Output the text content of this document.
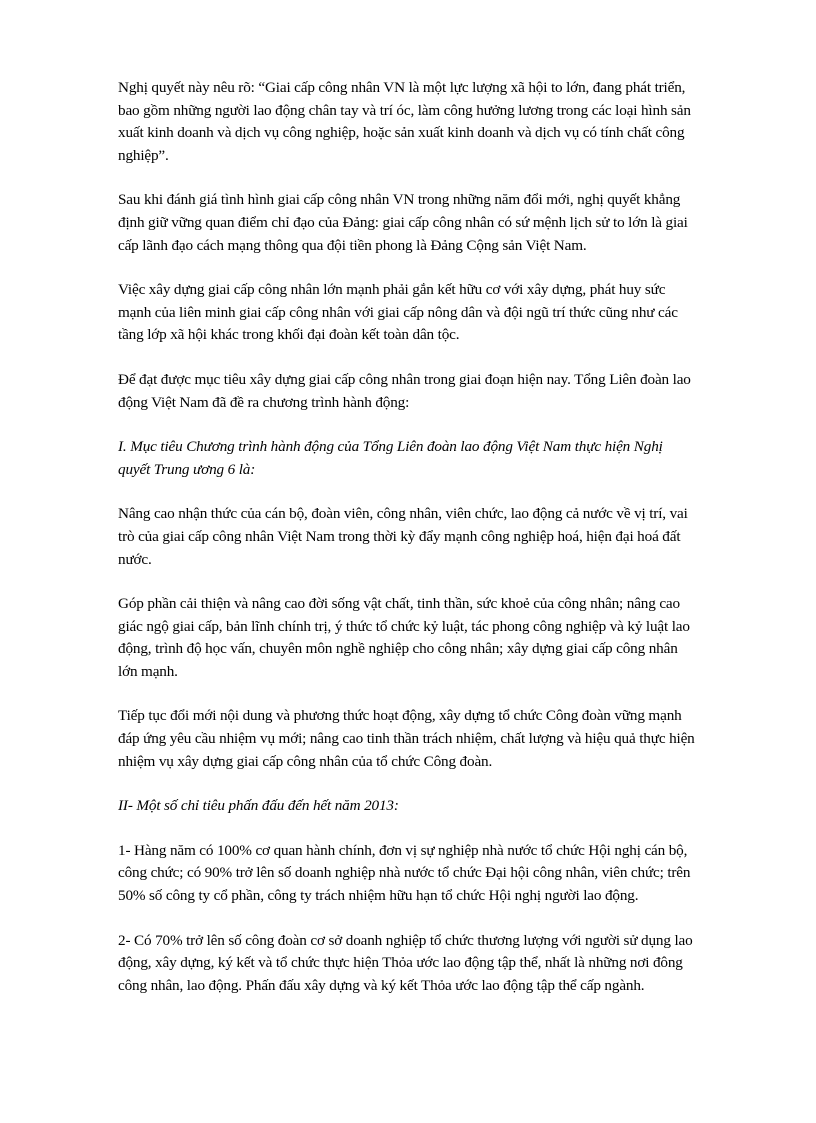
Nghị quyết này nêu rõ: “Giai cấp công nhân VN là một lực lượng xã hội to lớn, đang phát triển, bao gồm những người lao động chân tay và trí óc, làm công hưởng lương trong các loại hình sản xuất kinh doanh và dịch vụ công nghiệp, hoặc sản xuất kinh doanh và dịch vụ có tính chất công nghiệp”.

Sau khi đánh giá tình hình giai cấp công nhân VN trong những năm đổi mới, nghị quyết khẳng định giữ vững quan điểm chỉ đạo của Đảng: giai cấp công nhân có sứ mệnh lịch sử to lớn là giai cấp lãnh đạo cách mạng thông qua đội tiền phong là Đảng Cộng sản Việt Nam.

Việc xây dựng giai cấp công nhân lớn mạnh phải gắn kết hữu cơ với xây dựng, phát huy sức mạnh của liên minh giai cấp công nhân với giai cấp nông dân và đội ngũ trí thức cũng như các tầng lớp xã hội khác trong khối đại đoàn kết toàn dân tộc.

Để đạt được mục tiêu xây dựng giai cấp công nhân trong giai đoạn hiện nay. Tổng Liên đoàn lao động Việt Nam đã đề ra chương trình hành động:

I. Mục tiêu Chương trình hành động của Tổng Liên đoàn lao động Việt Nam thực hiện Nghị quyết Trung ương 6 là:

Nâng cao nhận thức của cán bộ, đoàn viên, công nhân, viên chức, lao động cả nước về vị trí, vai trò của giai cấp công nhân Việt Nam trong thời kỳ đẩy mạnh công nghiệp hoá, hiện đại hoá đất nước.

Góp phần cải thiện và nâng cao đời sống vật chất, tinh thần, sức khoẻ của công nhân; nâng cao giác ngộ giai cấp, bản lĩnh chính trị, ý thức tổ chức kỷ luật, tác phong công nghiệp và kỷ luật lao động, trình độ học vấn, chuyên môn nghề nghiệp cho công nhân; xây dựng giai cấp công nhân lớn mạnh.

Tiếp tục đổi mới nội dung và phương thức hoạt động, xây dựng tổ chức Công đoàn vững mạnh đáp ứng yêu cầu nhiệm vụ mới; nâng cao tinh thần trách nhiệm, chất lượng và hiệu quả thực hiện nhiệm vụ xây dựng giai cấp công nhân của tổ chức Công đoàn.

II- Một số chỉ tiêu phấn đấu đến hết năm 2013:

1- Hàng năm có 100% cơ quan hành chính, đơn vị sự nghiệp nhà nước tổ chức Hội nghị cán bộ, công chức; có 90% trở lên số doanh nghiệp nhà nước tổ chức Đại hội công nhân, viên chức; trên 50% số công ty cổ phần, công ty trách nhiệm hữu hạn tổ chức Hội nghị người lao động.

2- Có 70% trở lên số công đoàn cơ sở doanh nghiệp tổ chức thương lượng với người sử dụng lao động, xây dựng, ký kết và tổ chức thực hiện Thỏa ước lao động tập thể, nhất là những nơi đông công nhân, lao động. Phấn đấu xây dựng và ký kết Thỏa ước lao động tập thể cấp ngành.
